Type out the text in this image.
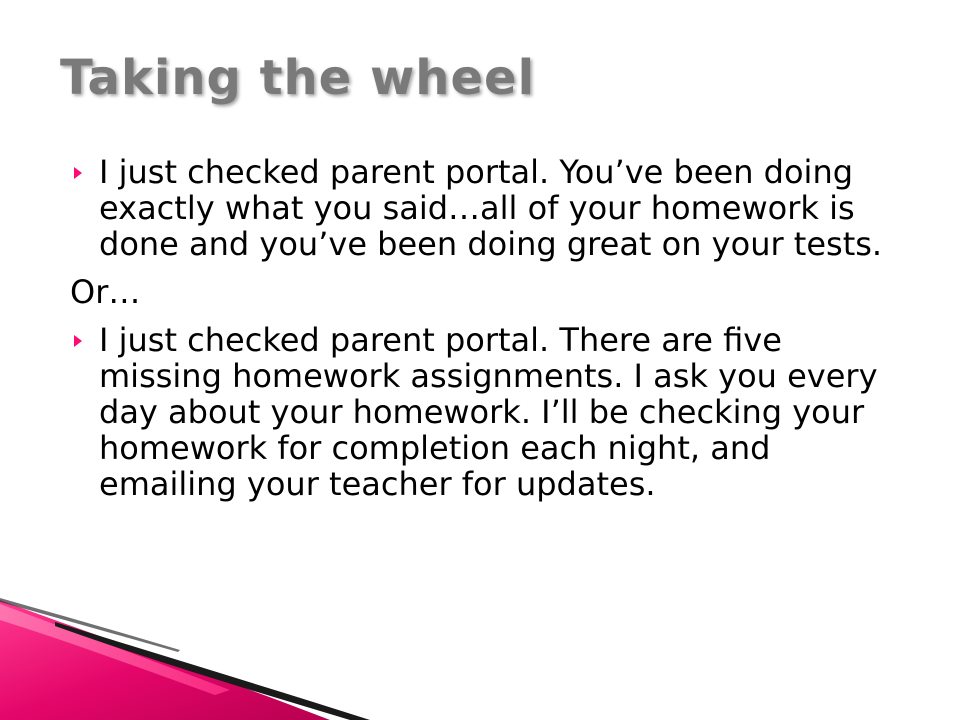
Taking the wheel
I just checked parent portal. You’ve been doing exactly what you said…all of your homework is done and you’ve been doing great on your tests.
Or…
I just checked parent portal. There are five missing homework assignments. I ask you every day about your homework. I’ll be checking your homework for completion each night, and emailing your teacher for updates.
